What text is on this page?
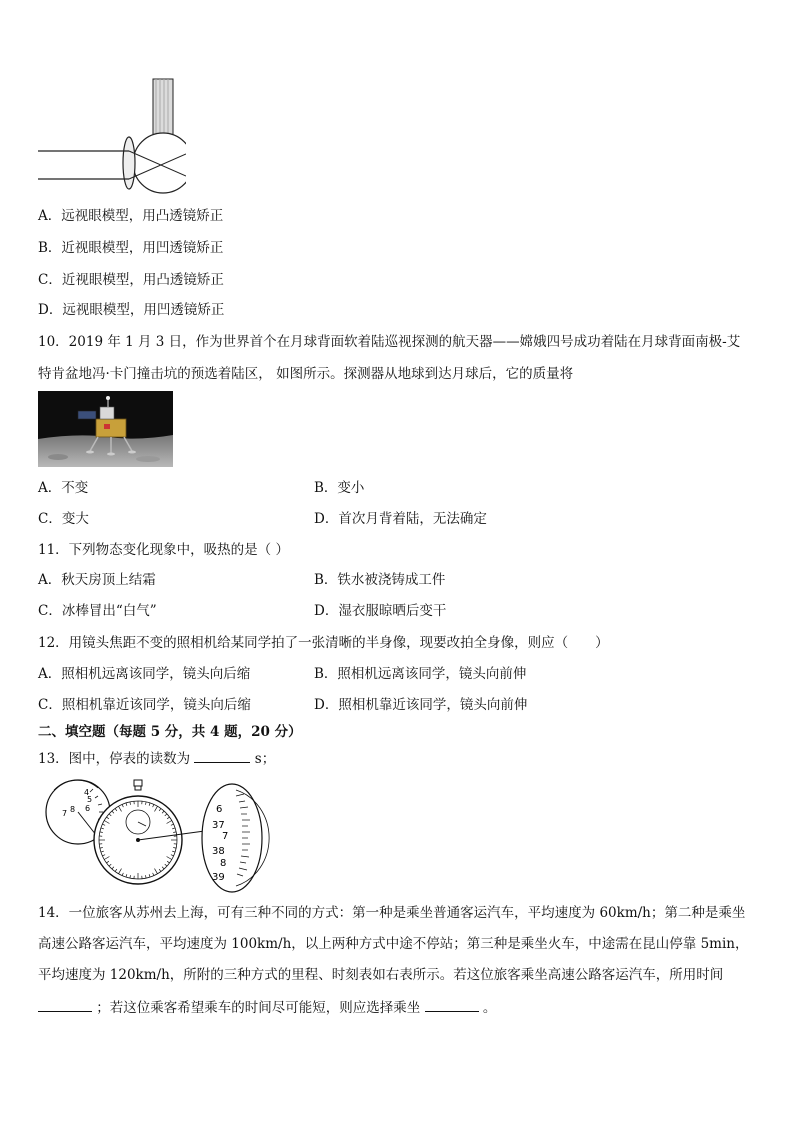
A．远视眼模型，用凸透镜矫正
B．近视眼模型，用凹透镜矫正
C．近视眼模型，用凸透镜矫正
D．远视眼模型，用凹透镜矫正
10．2019 年 1 月 3 日，作为世界首个在月球背面软着陆巡视探测的航天器——嫦娥四号成功着陆在月球背面南极-艾
特肯盆地冯·卡门撞击坑的预选着陆区， 如图所示。探测器从地球到达月球后，它的质量将
A．不变	B．变小
C．变大	D．首次月背着陆，无法确定
11．下列物态变化现象中，吸热的是（ ）
A．秋天房顶上结霜	B．铁水被浇铸成工件
C．冰棒冒出“白气”	D．湿衣服晾晒后变干
12．用镜头焦距不变的照相机给某同学拍了一张清晰的半身像，现要改拍全身像，则应（　　）
A．照相机远离该同学，镜头向后缩	B．照相机远离该同学，镜头向前伸
C．照相机靠近该同学，镜头向后缩	D．照相机靠近该同学，镜头向前伸
二、填空题（每题 5 分，共 4 题，20 分）
13．图中，停表的读数为	s；
4
5
6
7 8	6
37
7
38
8
39
14．一位旅客从苏州去上海，可有三种不同的方式：第一种是乘坐普通客运汽车，平均速度为 60km/h；第二种是乘坐
高速公路客运汽车，平均速度为 100km/h，以上两种方式中途不停站；第三种是乘坐火车，中途需在昆山停靠 5min，
平均速度为 120km/h，所附的三种方式的里程、时刻表如右表所示。若这位旅客乘坐高速公路客运汽车，所用时间
；若这位乘客希望乘车的时间尽可能短，则应选择乘坐	。
